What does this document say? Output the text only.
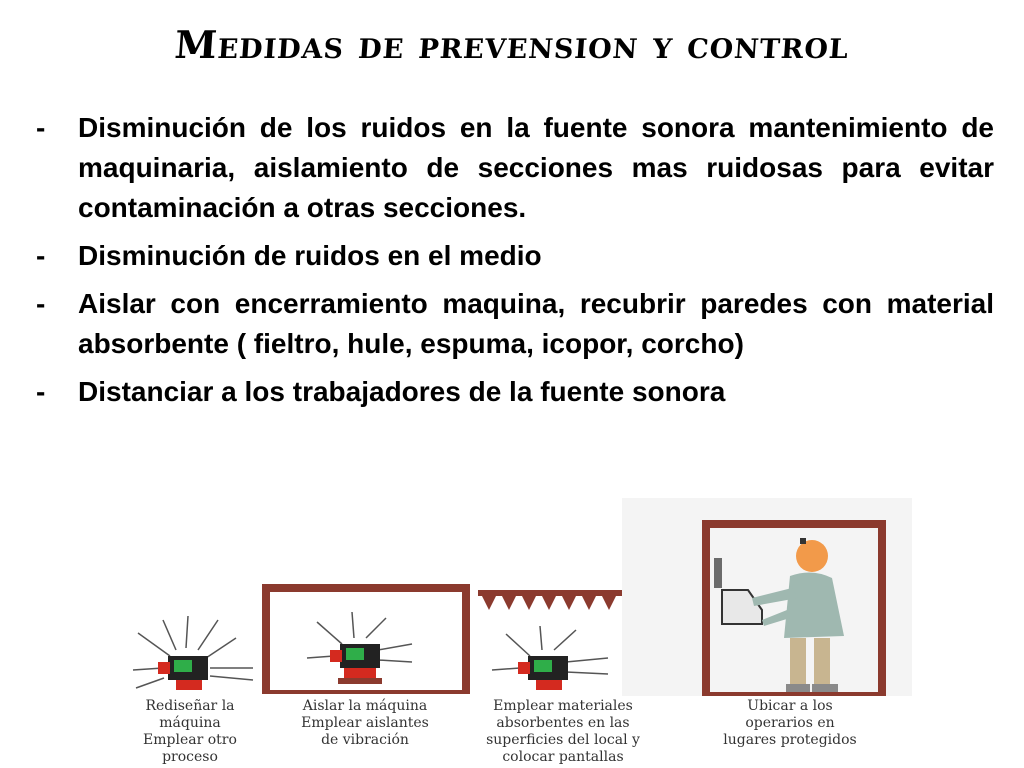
Medidas de prevension y control
-	Disminución de los ruidos en la fuente sonora mantenimiento de maquinaria, aislamiento de secciones mas ruidosas para evitar contaminación a otras secciones.
-	Disminución de ruidos en el medio
-	Aislar con encerramiento maquina, recubrir paredes con material absorbente ( fieltro, hule, espuma, icopor, corcho)
-	Distanciar a los trabajadores de la fuente sonora
Rediseñar la
máquina
Emplear otro
proceso
Aislar la máquina
Emplear aislantes
de vibración
Emplear materiales
absorbentes en las
superficies del local y
colocar pantallas
Ubicar a los
operarios en
lugares protegidos
